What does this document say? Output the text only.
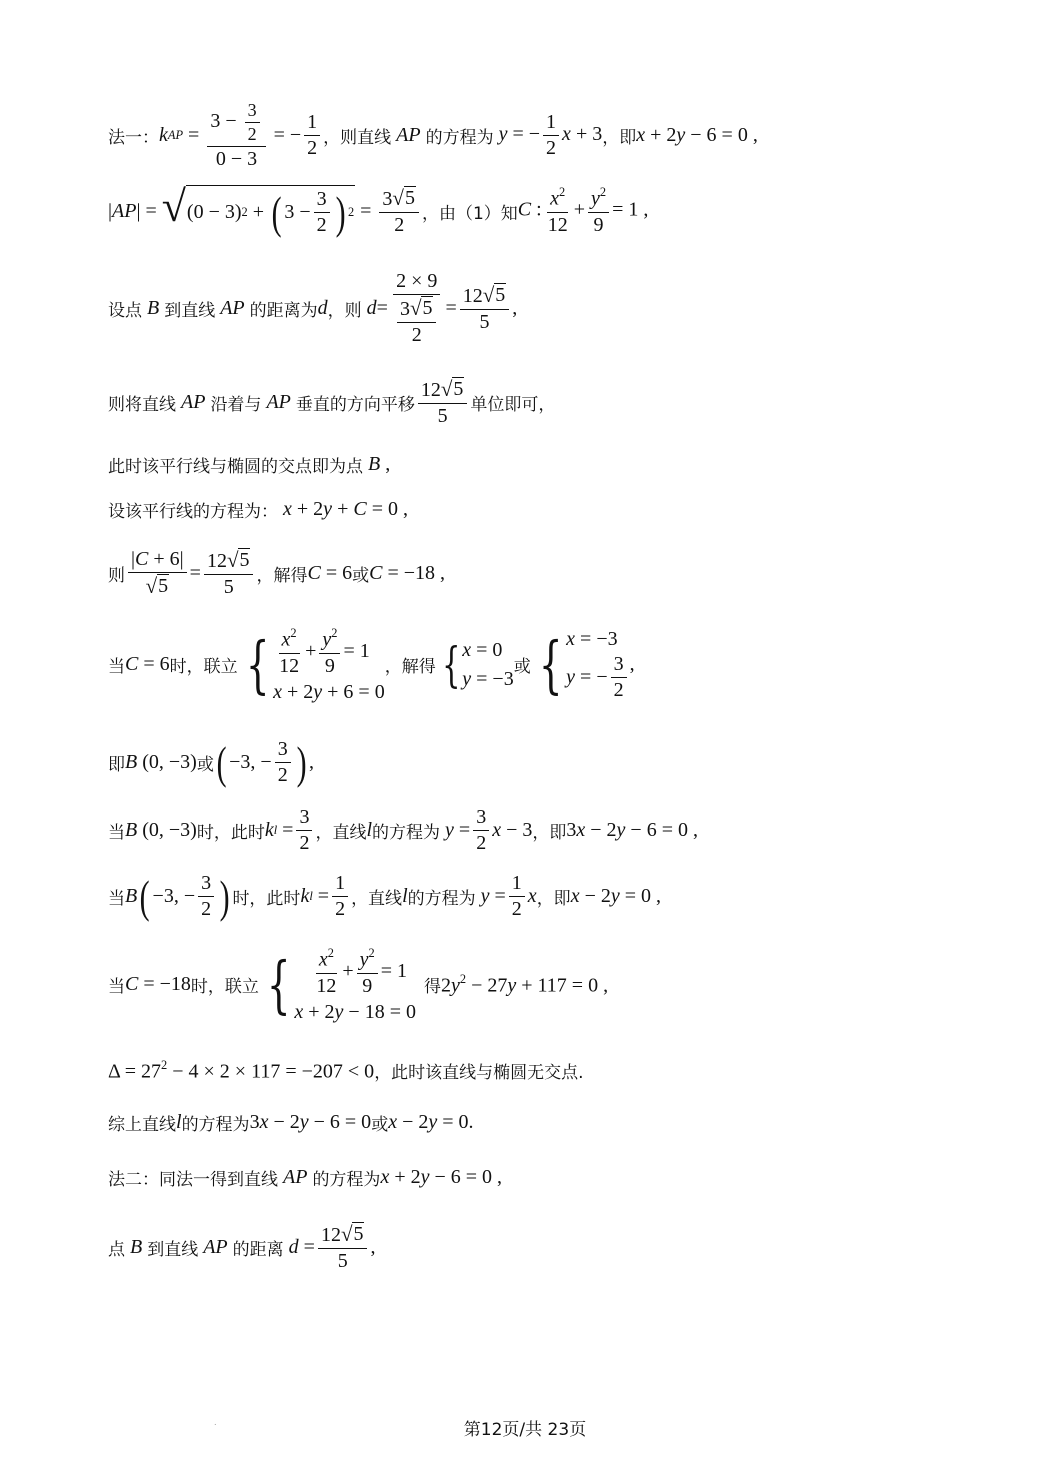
法一： k AP = $\frac{3 - \frac{3}{2}}{0 - 3}$ = − $\frac{1}{2}$ ，则直线 AP 的方程为 y = − $\frac{1}{2}$ x + 3 ，即 x + 2y − 6 = 0 ,
| AP | = √ (0 − 3) 2 + ( $3 - \frac{3}{2}$ ) $2 = \frac{3 √ 5}{2}$ ，由（1）知 C : $\frac{x^2}{12} + \frac{y^2}{9} = 1$ ,
设点 B 到直线 AP 的距离为 d ，则
$d = \frac{2 \times 9}{\frac{3 √ 5}{2}} = \frac{12 √ 5}{5}$ ,
则将直线 AP 沿着与 AP 垂直的方向平移 $\frac{12 √ 5}{5}$ 单位即可，
此时该平行线与椭圆的交点即为点 B ,
设该平行线的方程为： x + 2y + C = 0 ,
则 $\frac{|C + 6|}{√ 5} = \frac{12 √ 5}{5}$ ，解得 C = 6 或 C = −18 ,
当 C = 6 时，联立 { $\frac{x^2}{12} + \frac{y^2}{9} = 1$
x + 2y + 6 = 0
，解得 { x = 0
y = −3
或 { x = −3
y = − $\frac{3}{2}$ ,
即 B (0, −3) 或 ( −3, − $\frac{3}{2}$ ) ,
当 B (0, −3) 时，此时 k $l = \frac{3}{2}$ ，直线 l 的方程为
$y = \frac{3}{2}$ x − 3 ，即 3x − 2y − 6 = 0 ,
当 B ( −3, − $\frac{3}{2}$ ) 时，此时 k $l = \frac{1}{2}$ ，直线 l 的方程为
$y = \frac{1}{2}$ x ，即 x − 2y = 0 ,
当 C = −18 时，联立 { $\frac{x^2}{12} + \frac{y^2}{9} = 1$
x + 2y − 18 = 0
得 $2y^2 - 27y + 117 = 0$ ,
$\Delta = 27^2 - 4 \times 2 \times 117 = -207 < 0$ ，此时该直线与椭圆无交点.
综上直线 l 的方程为 3x − 2y − 6 = 0 或 x − 2y = 0.
法二：同法一得到直线 AP 的方程为 x + 2y − 6 = 0 ,
点 B 到直线 AP 的距离
$d = \frac{12 √ 5}{5}$ ,
.	第12页/共 23页
